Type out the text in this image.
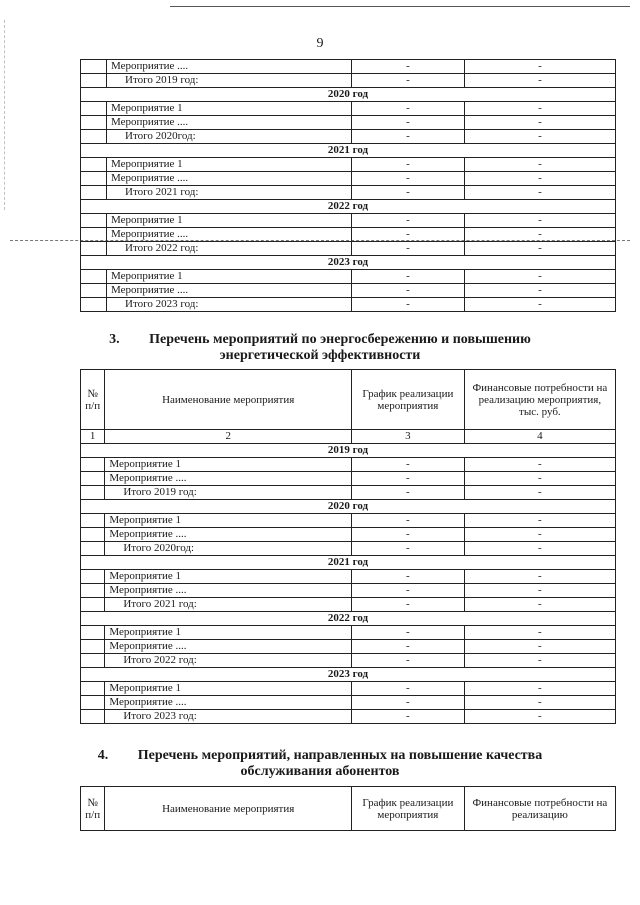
9
	Мероприятие ....	-	-
	Итого 2019 год:	-	-
2020 год			
	Мероприятие 1	-	-
	Мероприятие ....	-	-
	Итого 2020год:	-	-
2021 год			
	Мероприятие 1	-	-
	Мероприятие ....	-	-
	Итого 2021 год:	-	-
2022 год			
	Мероприятие 1	-	-
	Мероприятие ....	-	-
	Итого 2022 год:	-	-
2023 год			
	Мероприятие 1	-	-
	Мероприятие ....	-	-
	Итого 2023 год:	-	-
3. Перечень мероприятий по энергосбережению и повышению
энергетической эффективности
№ п/п	Наименование мероприятия	График реализации мероприятия	Финансовые потребности на реализацию мероприятия, тыс. руб.
1	2	3	4
2019 год			
	Мероприятие 1	-	-
	Мероприятие ....	-	-
	Итого 2019 год:	-	-
2020 год			
	Мероприятие 1	-	-
	Мероприятие ....	-	-
	Итого 2020год:	-	-
2021 год			
	Мероприятие 1	-	-
	Мероприятие ....	-	-
	Итого 2021 год:	-	-
2022 год			
	Мероприятие 1	-	-
	Мероприятие ....	-	-
	Итого 2022 год:	-	-
2023 год			
	Мероприятие 1	-	-
	Мероприятие ....	-	-
	Итого 2023 год:	-	-
4. Перечень мероприятий, направленных на повышение качества
обслуживания абонентов
№ п/п	Наименование мероприятия	График реализации мероприятия	Финансовые потребности на реализацию
